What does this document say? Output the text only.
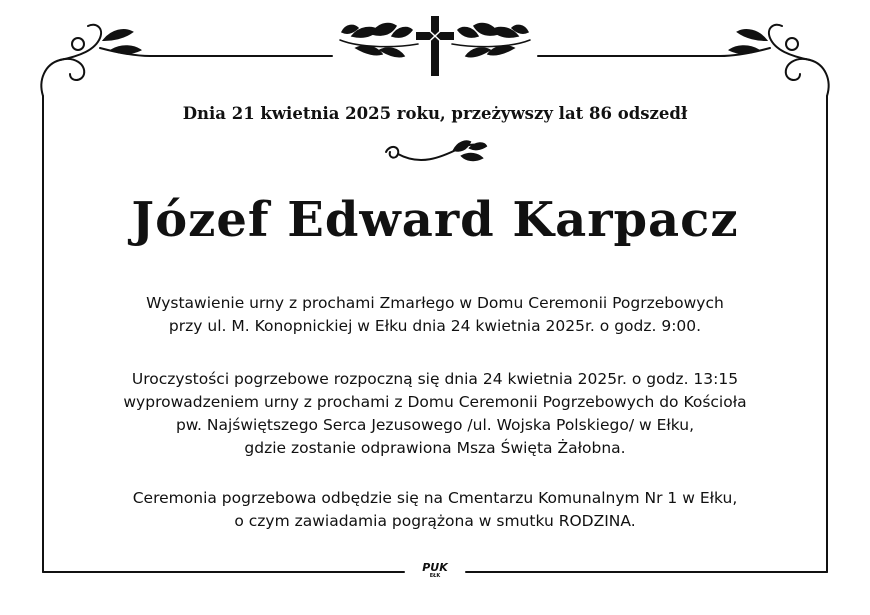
Dnia 21 kwietnia 2025 roku, przeżywszy lat 86 odszedł
Józef Edward Karpacz
Wystawienie urny z prochami Zmarłego w Domu Ceremonii Pogrzebowych
przy ul. M. Konopnickiej w Ełku dnia 24 kwietnia 2025r. o godz. 9:00.
Uroczystości pogrzebowe rozpoczną się dnia 24 kwietnia 2025r. o godz. 13:15
wyprowadzeniem urny z prochami z Domu Ceremonii Pogrzebowych do Kościoła
pw. Najświętszego Serca Jezusowego /ul. Wojska Polskiego/ w Ełku,
gdzie zostanie odprawiona Msza Święta Żałobna.
Ceremonia pogrzebowa odbędzie się na Cmentarzu Komunalnym Nr 1 w Ełku,
o czym zawiadamia pogrążona w smutku RODZINA.
PUK
EŁK
